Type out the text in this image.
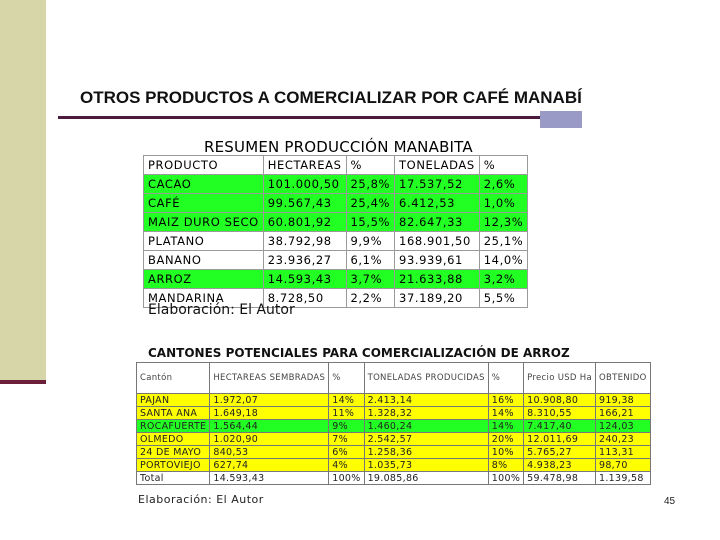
OTROS PRODUCTOS A COMERCIALIZAR POR CAFÉ MANABÍ
RESUMEN PRODUCCIÓN MANABITA
PRODUCTO	HECTAREAS	%	TONELADAS	%
CACAO	101.000,50	25,8%	17.537,52	2,6%
CAFÉ	99.567,43	25,4%	6.412,53	1,0%
MAIZ DURO SECO	60.801,92	15,5%	82.647,33	12,3%
PLATANO	38.792,98	9,9%	168.901,50	25,1%
BANANO	23.936,27	6,1%	93.939,61	14,0%
ARROZ	14.593,43	3,7%	21.633,88	3,2%
MANDARINA	8.728,50	2,2%	37.189,20	5,5%
Elaboración: El Autor
CANTONES POTENCIALES PARA COMERCIALIZACIÓN DE ARROZ
Cantón	HECTAREAS SEMBRADAS	%	TONELADAS PRODUCIDAS	%	Precio USD Ha	OBTENIDO
PAJAN	1.972,07	14%	2.413,14	16%	10.908,80	919,38
SANTA ANA	1.649,18	11%	1.328,32	14%	8.310,55	166,21
ROCAFUERTE	1.564,44	9%	1.460,24	14%	7.417,40	124,03
OLMEDO	1.020,90	7%	2.542,57	20%	12.011,69	240,23
24 DE MAYO	840,53	6%	1.258,36	10%	5.765,27	113,31
PORTOVIEJO	627,74	4%	1.035,73	8%	4.938,23	98,70
Total	14.593,43	100%	19.085,86	100%	59.478,98	1.139,58
Elaboración: El Autor	45
